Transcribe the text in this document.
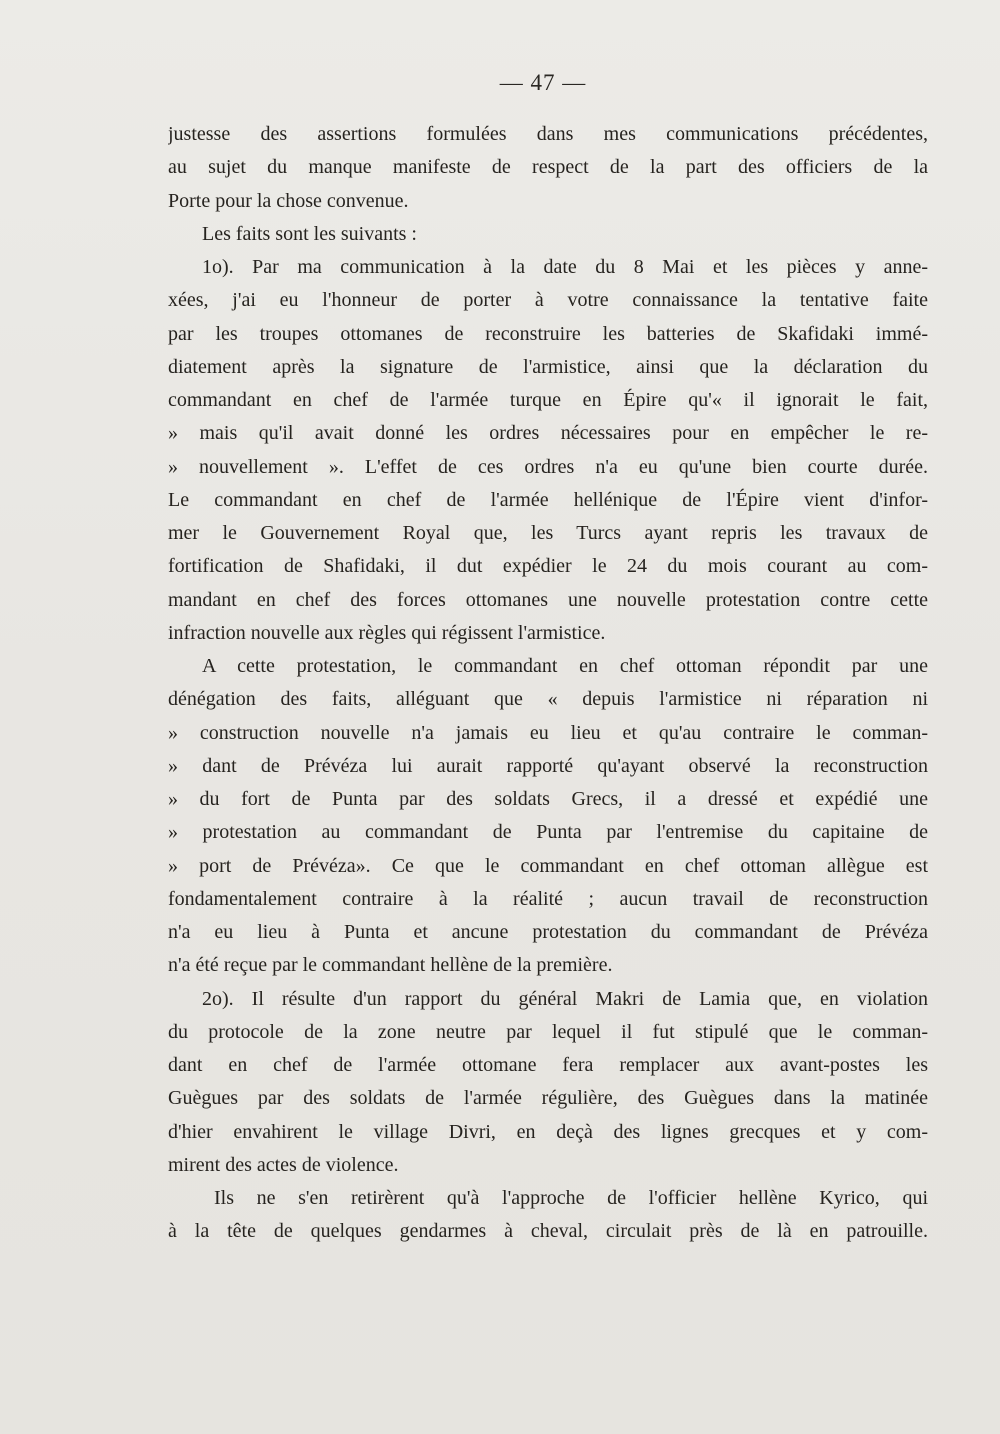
— 47 —
justesse des assertions formulées dans mes communications précédentes,
au sujet du manque manifeste de respect de la part des officiers de la
Porte pour la chose convenue.
Les faits sont les suivants :
1o). Par ma communication à la date du 8 Mai et les pièces y anne-
xées, j'ai eu l'honneur de porter à votre connaissance la tentative faite
par les troupes ottomanes de reconstruire les batteries de Skafidaki immé-
diatement après la signature de l'armistice, ainsi que la déclaration du
commandant en chef de l'armée turque en Épire qu'« il ignorait le fait,
» mais qu'il avait donné les ordres nécessaires pour en empêcher le re-
» nouvellement ». L'effet de ces ordres n'a eu qu'une bien courte durée.
Le commandant en chef de l'armée hellénique de l'Épire vient d'infor-
mer le Gouvernement Royal que, les Turcs ayant repris les travaux de
fortification de Shafidaki, il dut expédier le 24 du mois courant au com-
mandant en chef des forces ottomanes une nouvelle protestation contre cette
infraction nouvelle aux règles qui régissent l'armistice.
A cette protestation, le commandant en chef ottoman répondit par une
dénégation des faits, alléguant que « depuis l'armistice ni réparation ni
» construction nouvelle n'a jamais eu lieu et qu'au contraire le comman-
» dant de Prévéza lui aurait rapporté qu'ayant observé la reconstruction
» du fort de Punta par des soldats Grecs, il a dressé et expédié une
» protestation au commandant de Punta par l'entremise du capitaine de
» port de Prévéza». Ce que le commandant en chef ottoman allègue est
fondamentalement contraire à la réalité ; aucun travail de reconstruction
n'a eu lieu à Punta et ancune protestation du commandant de Prévéza
n'a été reçue par le commandant hellène de la première.
2o). Il résulte d'un rapport du général Makri de Lamia que, en violation
du protocole de la zone neutre par lequel il fut stipulé que le comman-
dant en chef de l'armée ottomane fera remplacer aux avant-postes les
Guègues par des soldats de l'armée régulière, des Guègues dans la matinée
d'hier envahirent le village Divri, en deçà des lignes grecques et y com-
mirent des actes de violence.
Ils ne s'en retirèrent qu'à l'approche de l'officier hellène Kyrico, qui
à la tête de quelques gendarmes à cheval, circulait près de là en patrouille.
